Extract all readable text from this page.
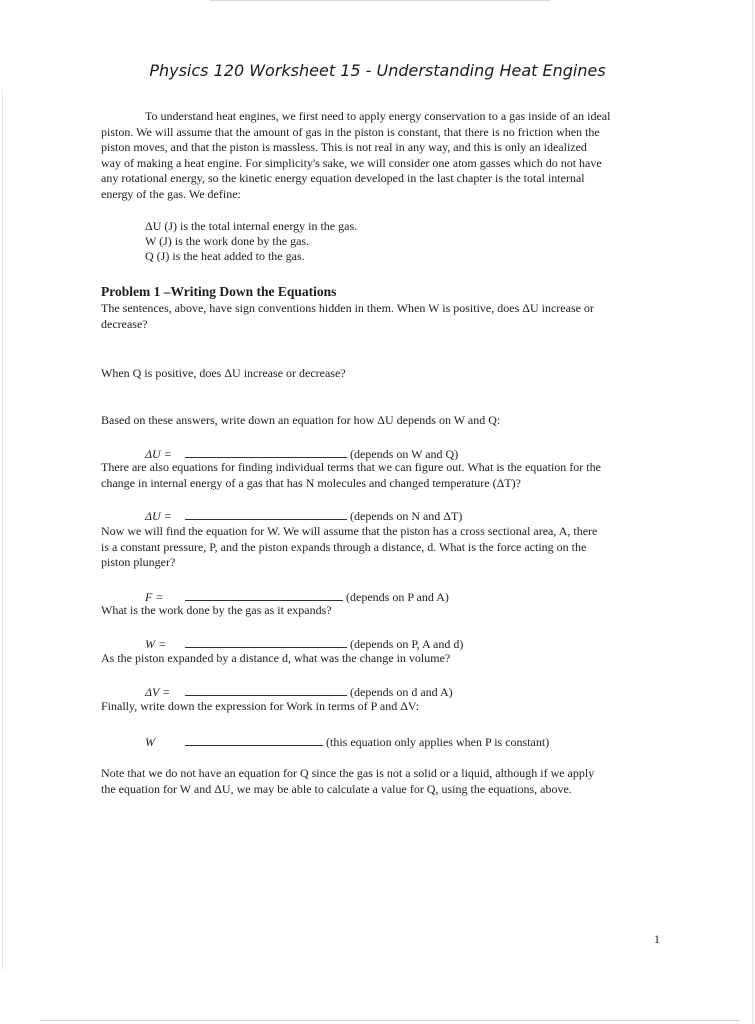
Physics 120 Worksheet 15 - Understanding Heat Engines
To understand heat engines, we first need to apply energy conservation to a gas inside of an ideal
piston. We will assume that the amount of gas in the piston is constant, that there is no friction when the
piston moves, and that the piston is massless. This is not real in any way, and this is only an idealized
way of making a heat engine. For simplicity's sake, we will consider one atom gasses which do not have
any rotational energy, so the kinetic energy equation developed in the last chapter is the total internal
energy of the gas. We define:
ΔU (J) is the total internal energy in the gas.
W (J) is the work done by the gas.
Q (J) is the heat added to the gas.
Problem 1 –Writing Down the Equations
The sentences, above, have sign conventions hidden in them. When W is positive, does ΔU increase or
decrease?
When Q is positive, does ΔU increase or decrease?
Based on these answers, write down an equation for how ΔU depends on W and Q:
ΔU =	(depends on W and Q)
There are also equations for finding individual terms that we can figure out. What is the equation for the
change in internal energy of a gas that has N molecules and changed temperature (ΔT)?
ΔU =	(depends on N and ΔT)
Now we will find the equation for W. We will assume that the piston has a cross sectional area, A, there
is a constant pressure, P, and the piston expands through a distance, d. What is the force acting on the
piston plunger?
F =	(depends on P and A)
What is the work done by the gas as it expands?
W =	(depends on P, A and d)
As the piston expanded by a distance d, what was the change in volume?
ΔV =	(depends on d and A)
Finally, write down the expression for Work in terms of P and ΔV:
W	(this equation only applies when P is constant)
Note that we do not have an equation for Q since the gas is not a solid or a liquid, although if we apply
the equation for W and ΔU, we may be able to calculate a value for Q, using the equations, above.
1
